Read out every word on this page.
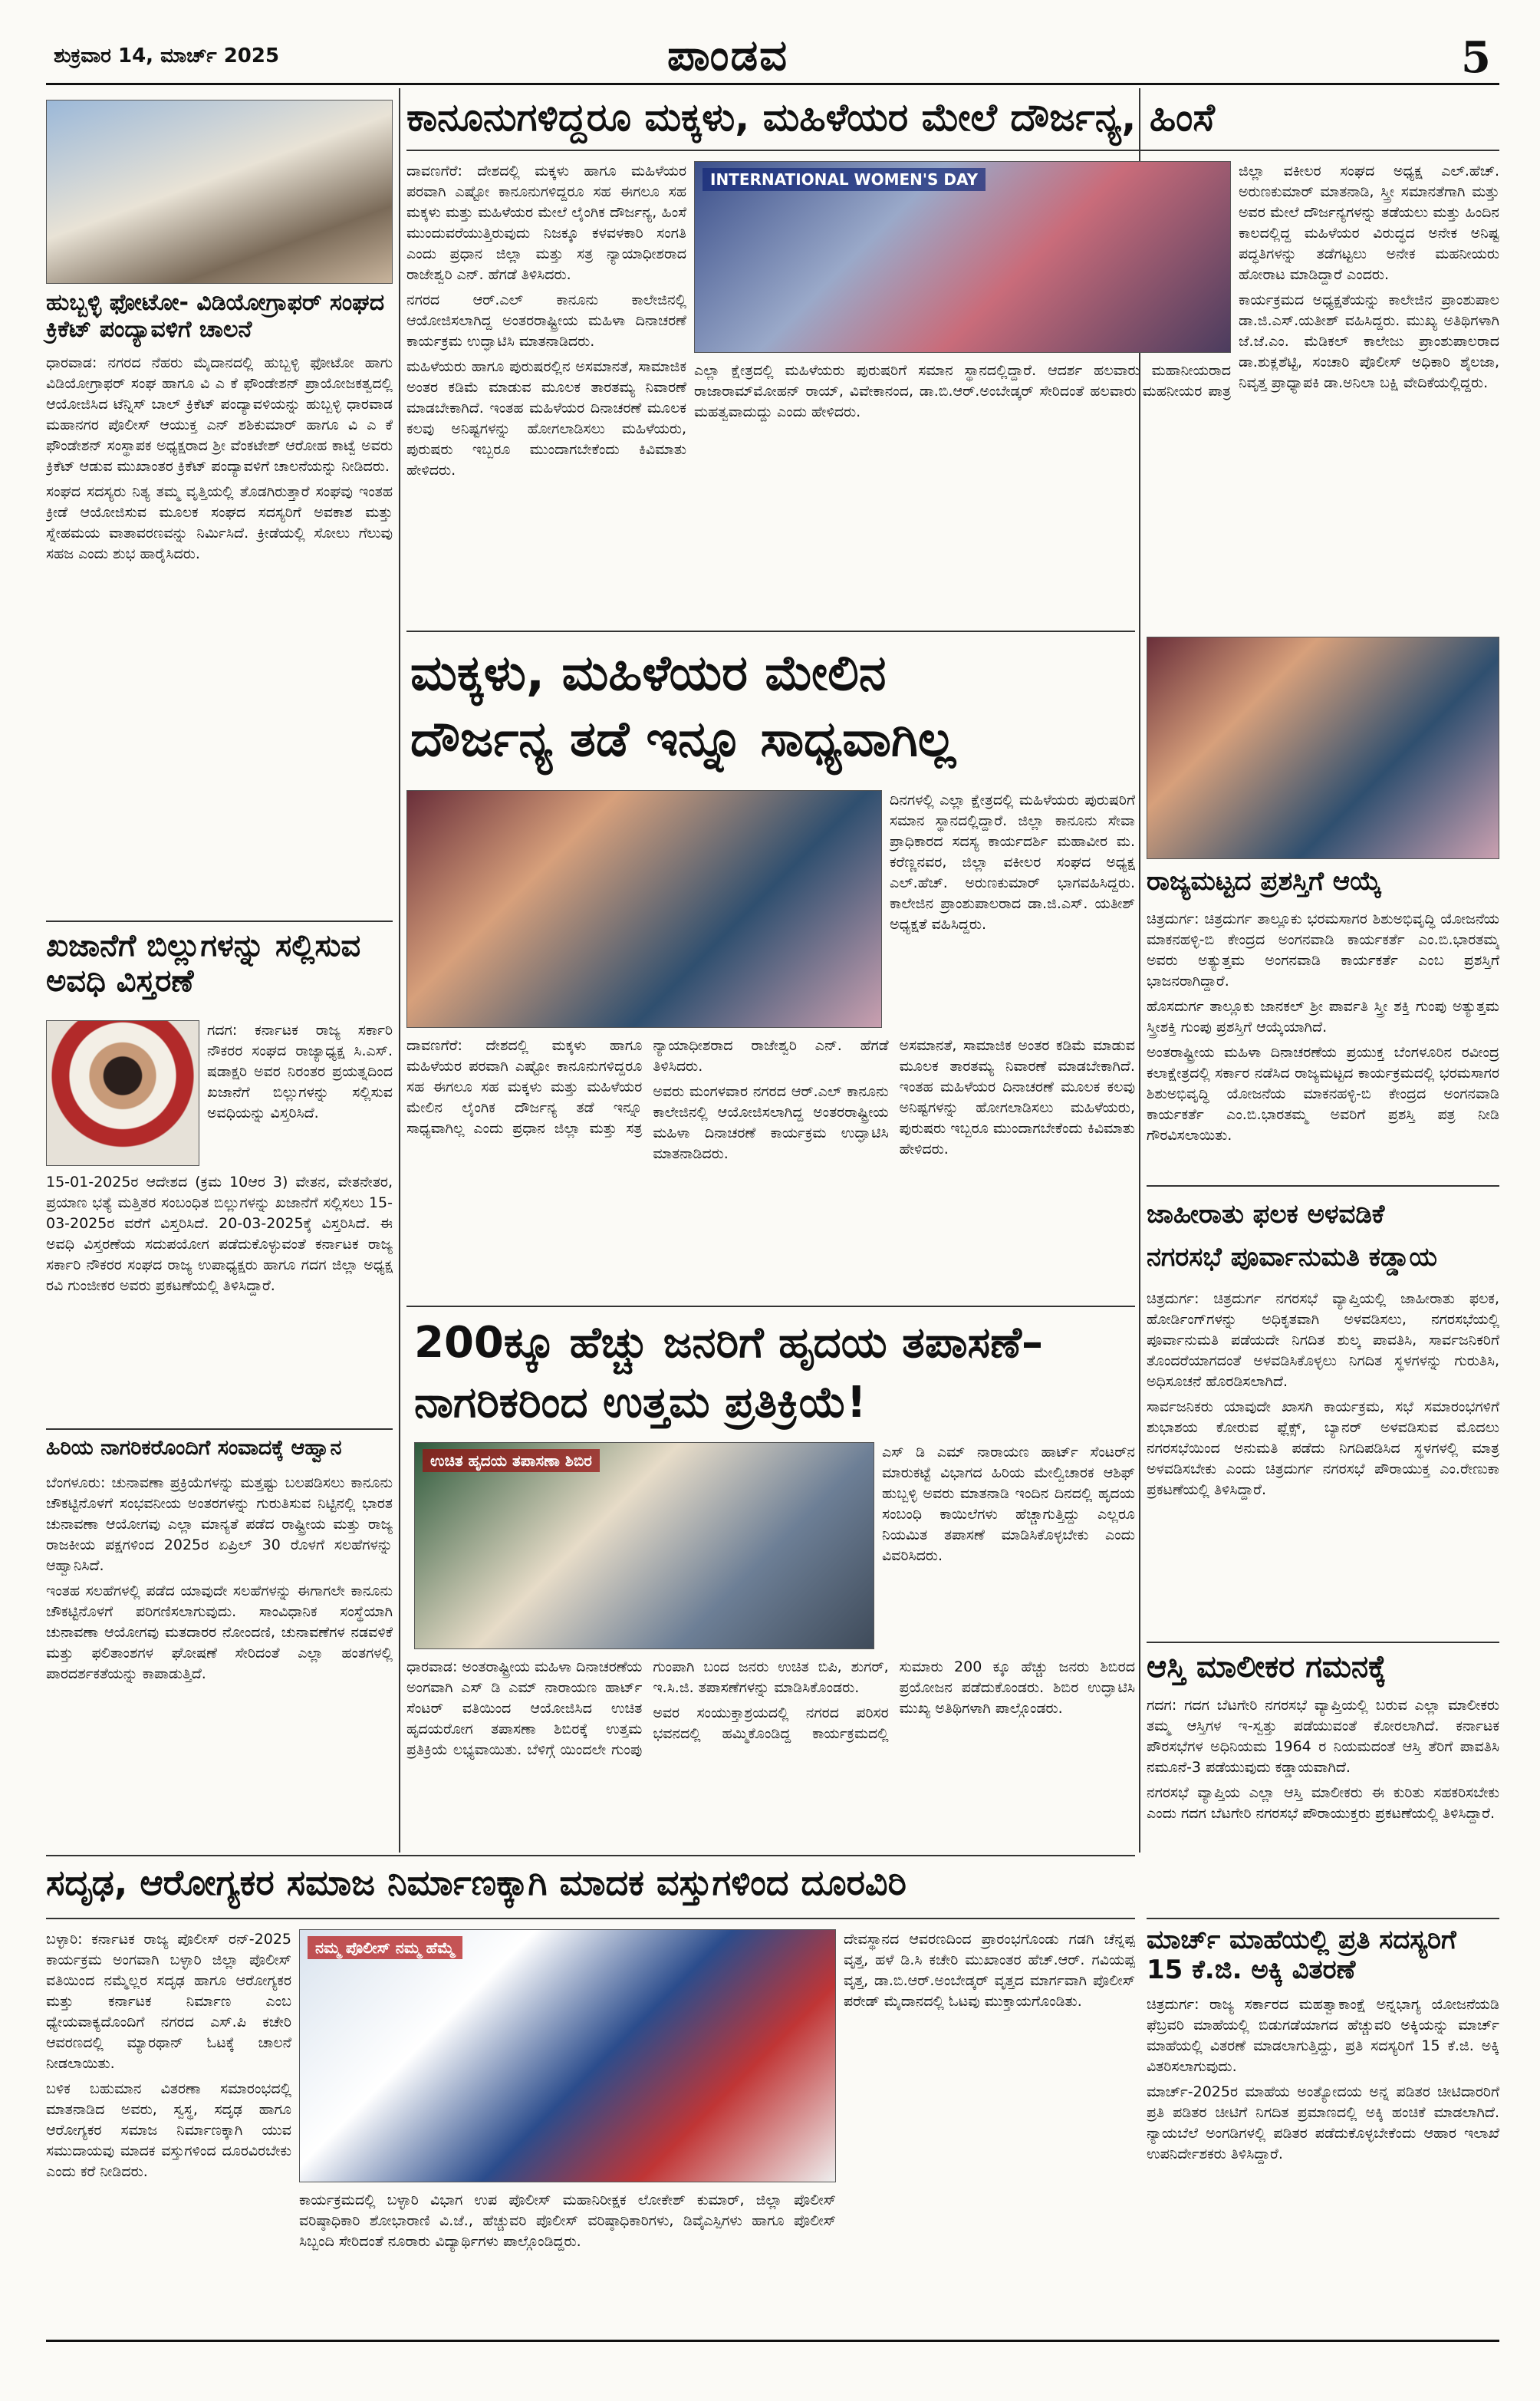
ಶುಕ್ರವಾರ 14, ಮಾರ್ಚ್ 2025	ಪಾಂಡವ	5
ಹುಬ್ಬಳ್ಳಿ ಫೋಟೋ- ವಿಡಿಯೋಗ್ರಾಫರ್ ಸಂಘದ ಕ್ರಿಕೆಟ್ ಪಂದ್ಯಾವಳಿಗೆ ಚಾಲನೆ

ಧಾರವಾಡ: ನಗರದ ನೆಹರು ಮೈದಾನದಲ್ಲಿ ಹುಬ್ಬಳ್ಳಿ ಫೋಟೋ ಹಾಗು ವಿಡಿಯೋಗ್ರಾಫರ್ ಸಂಘ ಹಾಗೂ ವಿ ಎ ಕೆ ಫೌಂಡೇಶನ್ ಪ್ರಾಯೋಜಕತ್ವದಲ್ಲಿ ಆಯೋಜಿಸಿದ ಟೆನ್ನಿಸ್ ಬಾಲ್ ಕ್ರಿಕೆಟ್ ಪಂದ್ಯಾವಳಿಯನ್ನು ಹುಬ್ಬಳ್ಳಿ ಧಾರವಾಡ ಮಹಾನಗರ ಪೊಲೀಸ್ ಆಯುಕ್ತ ಎನ್ ಶಶಿಕುಮಾರ್ ಹಾಗೂ ವಿ ಎ ಕೆ ಫೌಂಡೇಶನ್ ಸಂಸ್ಥಾಪಕ ಅಧ್ಯಕ್ಷರಾದ ಶ್ರೀ ವೆಂಕಟೇಶ್ ಆರೋಹ ಕಾಟ್ವೆ ಅವರು ಕ್ರಿಕೆಟ್ ಆಡುವ ಮುಖಾಂತರ ಕ್ರಿಕೆಟ್ ಪಂದ್ಯಾವಳಿಗೆ ಚಾಲನೆಯನ್ನು ನೀಡಿದರು.

ಸಂಘದ ಸದಸ್ಯರು ನಿತ್ಯ ತಮ್ಮ ವೃತ್ತಿಯಲ್ಲಿ ತೊಡಗಿರುತ್ತಾರೆ ಸಂಘವು ಇಂತಹ ಕ್ರೀಡೆ ಆಯೋಜಿಸುವ ಮೂಲಕ ಸಂಘದ ಸದಸ್ಯರಿಗೆ ಅವಕಾಶ ಮತ್ತು ಸ್ನೇಹಮಯ ವಾತಾವರಣವನ್ನು ನಿರ್ಮಿಸಿದೆ. ಕ್ರೀಡೆಯಲ್ಲಿ ಸೋಲು ಗೆಲುವು ಸಹಜ ಎಂದು ಶುಭ ಹಾರೈಸಿದರು.

ಖಜಾನೆಗೆ ಬಿಲ್ಲುಗಳನ್ನು ಸಲ್ಲಿಸುವ ಅವಧಿ ವಿಸ್ತರಣೆ

ಗದಗ: ಕರ್ನಾಟಕ ರಾಜ್ಯ ಸರ್ಕಾರಿ ನೌಕರರ ಸಂಘದ ರಾಜ್ಯಾಧ್ಯಕ್ಷ ಸಿ.ಎಸ್. ಷಡಾಕ್ಷರಿ ಅವರ ನಿರಂತರ ಪ್ರಯತ್ನದಿಂದ ಖಜಾನೆಗೆ ಬಿಲ್ಲುಗಳನ್ನು ಸಲ್ಲಿಸುವ ಅವಧಿಯನ್ನು ವಿಸ್ತರಿಸಿದೆ.

15-01-2025ರ ಆದೇಶದ (ಕ್ರಮ 10ಆರ 3) ವೇತನ, ವೇತನೇತರ, ಪ್ರಯಾಣ ಭತ್ಯೆ ಮತ್ತಿತರ ಸಂಬಂಧಿತ ಬಿಲ್ಲುಗಳನ್ನು ಖಜಾನೆಗೆ ಸಲ್ಲಿಸಲು 15-03-2025ರ ವರೆಗೆ ವಿಸ್ತರಿಸಿದೆ. 20-03-2025ಕ್ಕೆ ವಿಸ್ತರಿಸಿದೆ. ಈ ಅವಧಿ ವಿಸ್ತರಣೆಯ ಸದುಪಯೋಗ ಪಡೆದುಕೊಳ್ಳುವಂತೆ ಕರ್ನಾಟಕ ರಾಜ್ಯ ಸರ್ಕಾರಿ ನೌಕರರ ಸಂಘದ ರಾಜ್ಯ ಉಪಾಧ್ಯಕ್ಷರು ಹಾಗೂ ಗದಗ ಜಿಲ್ಲಾ ಅಧ್ಯಕ್ಷ ರವಿ ಗುಂಜೀಕರ ಅವರು ಪ್ರಕಟಣೆಯಲ್ಲಿ ತಿಳಿಸಿದ್ದಾರೆ.

ಹಿರಿಯ ನಾಗರಿಕರೊಂದಿಗೆ ಸಂವಾದಕ್ಕೆ ಆಹ್ವಾನ

ಬೆಂಗಳೂರು: ಚುನಾವಣಾ ಪ್ರಕ್ರಿಯೆಗಳನ್ನು ಮತ್ತಷ್ಟು ಬಲಪಡಿಸಲು ಕಾನೂನು ಚೌಕಟ್ಟಿನೊಳಗೆ ಸಂಭವನೀಯ ಅಂತರಗಳನ್ನು ಗುರುತಿಸುವ ನಿಟ್ಟಿನಲ್ಲಿ ಭಾರತ ಚುನಾವಣಾ ಆಯೋಗವು ಎಲ್ಲಾ ಮಾನ್ಯತೆ ಪಡೆದ ರಾಷ್ಟ್ರೀಯ ಮತ್ತು ರಾಜ್ಯ ರಾಜಕೀಯ ಪಕ್ಷಗಳಿಂದ 2025ರ ಏಪ್ರಿಲ್ 30 ರೊಳಗೆ ಸಲಹೆಗಳನ್ನು ಆಹ್ವಾನಿಸಿದೆ.

ಇಂತಹ ಸಲಹೆಗಳಲ್ಲಿ ಪಡೆದ ಯಾವುದೇ ಸಲಹೆಗಳನ್ನು ಈಗಾಗಲೇ ಕಾನೂನು ಚೌಕಟ್ಟಿನೊಳಗೆ ಪರಿಗಣಿಸಲಾಗುವುದು. ಸಾಂವಿಧಾನಿಕ ಸಂಸ್ಥೆಯಾಗಿ ಚುನಾವಣಾ ಆಯೋಗವು ಮತದಾರರ ನೋಂದಣಿ, ಚುನಾವಣೆಗಳ ನಡವಳಿಕೆ ಮತ್ತು ಫಲಿತಾಂಶಗಳ ಘೋಷಣೆ ಸೇರಿದಂತೆ ಎಲ್ಲಾ ಹಂತಗಳಲ್ಲಿ ಪಾರದರ್ಶಕತೆಯನ್ನು ಕಾಪಾಡುತ್ತಿದೆ.

ಕಾನೂನುಗಳಿದ್ದರೂ ಮಕ್ಕಳು, ಮಹಿಳೆಯರ ಮೇಲೆ ದೌರ್ಜನ್ಯ, ಹಿಂಸೆ

ದಾವಣಗೆರೆ: ದೇಶದಲ್ಲಿ ಮಕ್ಕಳು ಹಾಗೂ ಮಹಿಳೆಯರ ಪರವಾಗಿ ಎಷ್ಟೋ ಕಾನೂನುಗಳಿದ್ದರೂ ಸಹ ಈಗಲೂ ಸಹ ಮಕ್ಕಳು ಮತ್ತು ಮಹಿಳೆಯರ ಮೇಲೆ ಲೈಂಗಿಕ ದೌರ್ಜನ್ಯ, ಹಿಂಸೆ ಮುಂದುವರೆಯುತ್ತಿರುವುದು ನಿಜಕ್ಕೂ ಕಳವಳಕಾರಿ ಸಂಗತಿ ಎಂದು ಪ್ರಧಾನ ಜಿಲ್ಲಾ ಮತ್ತು ಸತ್ರ ನ್ಯಾಯಾಧೀಶರಾದ ರಾಜೇಶ್ವರಿ ಎನ್. ಹೆಗಡೆ ತಿಳಿಸಿದರು.

ನಗರದ ಆರ್.ಎಲ್ ಕಾನೂನು ಕಾಲೇಜಿನಲ್ಲಿ ಆಯೋಜಿಸಲಾಗಿದ್ದ ಅಂತರರಾಷ್ಟ್ರೀಯ ಮಹಿಳಾ ದಿನಾಚರಣೆ ಕಾರ್ಯಕ್ರಮ ಉದ್ಘಾಟಿಸಿ ಮಾತನಾಡಿದರು.

ಮಹಿಳೆಯರು ಹಾಗೂ ಪುರುಷರಲ್ಲಿನ ಅಸಮಾನತೆ, ಸಾಮಾಜಿಕ ಅಂತರ ಕಡಿಮೆ ಮಾಡುವ ಮೂಲಕ ತಾರತಮ್ಯ ನಿವಾರಣೆ ಮಾಡಬೇಕಾಗಿದೆ. ಇಂತಹ ಮಹಿಳೆಯರ ದಿನಾಚರಣೆ ಮೂಲಕ ಕಲವು ಅನಿಷ್ಟಗಳನ್ನು ಹೋಗಲಾಡಿಸಲು ಮಹಿಳೆಯರು, ಪುರುಷರು ಇಬ್ಬರೂ ಮುಂದಾಗಬೇಕೆಂದು ಕಿವಿಮಾತು ಹೇಳಿದರು.

INTERNATIONAL WOMEN'S DAY

ಎಲ್ಲಾ ಕ್ಷೇತ್ರದಲ್ಲಿ ಮಹಿಳೆಯರು ಪುರುಷರಿಗೆ ಸಮಾನ ಸ್ಥಾನದಲ್ಲಿದ್ದಾರೆ. ಆದರ್ಶ ಹಲವಾರು ಮಹಾನೀಯರಾದ ರಾಜಾರಾಮ್‌ಮೋಹನ್ ರಾಯ್, ವಿವೇಕಾನಂದ, ಡಾ.ಬಿ.ಆರ್.ಅಂಬೇಡ್ಕರ್ ಸೇರಿದಂತೆ ಹಲವಾರು ಮಹನೀಯರ ಪಾತ್ರ ಮಹತ್ವವಾದುದ್ದು ಎಂದು ಹೇಳಿದರು.

ಜಿಲ್ಲಾ ವಕೀಲರ ಸಂಘದ ಅಧ್ಯಕ್ಷ ಎಲ್.ಹೆಚ್. ಅರುಣಕುಮಾರ್ ಮಾತನಾಡಿ, ಸ್ತ್ರೀ ಸಮಾನತೆಗಾಗಿ ಮತ್ತು ಅವರ ಮೇಲೆ ದೌರ್ಜನ್ಯಗಳನ್ನು ತಡೆಯಲು ಮತ್ತು ಹಿಂದಿನ ಕಾಲದಲ್ಲಿದ್ದ ಮಹಿಳೆಯರ ವಿರುದ್ಧದ ಅನೇಕ ಅನಿಷ್ಟ ಪದ್ಧತಿಗಳನ್ನು ತಡೆಗಟ್ಟಲು ಅನೇಕ ಮಹನೀಯರು ಹೋರಾಟ ಮಾಡಿದ್ದಾರೆ ಎಂದರು.

ಕಾರ್ಯಕ್ರಮದ ಅಧ್ಯಕ್ಷತೆಯನ್ನು ಕಾಲೇಜಿನ ಪ್ರಾಂಶುಪಾಲ ಡಾ.ಜಿ.ಎಸ್.ಯತೀಶ್ ವಹಿಸಿದ್ದರು. ಮುಖ್ಯ ಅತಿಥಿಗಳಾಗಿ ಜೆ.ಜೆ.ಎಂ. ಮೆಡಿಕಲ್ ಕಾಲೇಜು ಪ್ರಾಂಶುಪಾಲರಾದ ಡಾ.ಶುಕ್ಲಶೆಟ್ಟಿ, ಸಂಚಾರಿ ಪೊಲೀಸ್ ಅಧಿಕಾರಿ ಶೈಲಜಾ, ನಿವೃತ್ತ ಪ್ರಾಧ್ಯಾಪಕಿ ಡಾ.ಅನಿಲಾ ಬಕ್ಷಿ ವೇದಿಕೆಯಲ್ಲಿದ್ದರು.

ಮಕ್ಕಳು, ಮಹಿಳೆಯರ ಮೇಲಿನ
ದೌರ್ಜನ್ಯ ತಡೆ ಇನ್ನೂ ಸಾಧ್ಯವಾಗಿಲ್ಲ

ದಿನಗಳಲ್ಲಿ ಎಲ್ಲಾ ಕ್ಷೇತ್ರದಲ್ಲಿ ಮಹಿಳೆಯರು ಪುರುಷರಿಗೆ ಸಮಾನ ಸ್ಥಾನದಲ್ಲಿದ್ದಾರೆ. ಜಿಲ್ಲಾ ಕಾನೂನು ಸೇವಾ ಪ್ರಾಧಿಕಾರದ ಸದಸ್ಯ ಕಾರ್ಯದರ್ಶಿ ಮಹಾವೀರ ಮ. ಕರೆಣ್ಣನವರ, ಜಿಲ್ಲಾ ವಕೀಲರ ಸಂಘದ ಅಧ್ಯಕ್ಷ ಎಲ್.ಹೆಚ್. ಅರುಣಕುಮಾರ್ ಭಾಗವಹಿಸಿದ್ದರು. ಕಾಲೇಜಿನ ಪ್ರಾಂಶುಪಾಲರಾದ ಡಾ.ಜಿ.ಎಸ್. ಯತೀಶ್ ಅಧ್ಯಕ್ಷತೆ ವಹಿಸಿದ್ದರು.

ದಾವಣಗೆರೆ: ದೇಶದಲ್ಲಿ ಮಕ್ಕಳು ಹಾಗೂ ಮಹಿಳೆಯರ ಪರವಾಗಿ ಎಷ್ಟೋ ಕಾನೂನುಗಳಿದ್ದರೂ ಸಹ ಈಗಲೂ ಸಹ ಮಕ್ಕಳು ಮತ್ತು ಮಹಿಳೆಯರ ಮೇಲಿನ ಲೈಂಗಿಕ ದೌರ್ಜನ್ಯ ತಡೆ ಇನ್ನೂ ಸಾಧ್ಯವಾಗಿಲ್ಲ ಎಂದು ಪ್ರಧಾನ ಜಿಲ್ಲಾ ಮತ್ತು ಸತ್ರ ನ್ಯಾಯಾಧೀಶರಾದ ರಾಜೇಶ್ವರಿ ಎನ್. ಹೆಗಡೆ ತಿಳಿಸಿದರು.

ಅವರು ಮಂಗಳವಾರ ನಗರದ ಆರ್.ಎಲ್ ಕಾನೂನು ಕಾಲೇಜಿನಲ್ಲಿ ಆಯೋಜಿಸಲಾಗಿದ್ದ ಅಂತರರಾಷ್ಟ್ರೀಯ ಮಹಿಳಾ ದಿನಾಚರಣೆ ಕಾರ್ಯಕ್ರಮ ಉದ್ಘಾಟಿಸಿ ಮಾತನಾಡಿದರು.

ಅಸಮಾನತೆ, ಸಾಮಾಜಿಕ ಅಂತರ ಕಡಿಮೆ ಮಾಡುವ ಮೂಲಕ ತಾರತಮ್ಯ ನಿವಾರಣೆ ಮಾಡಬೇಕಾಗಿದೆ. ಇಂತಹ ಮಹಿಳೆಯರ ದಿನಾಚರಣೆ ಮೂಲಕ ಕಲವು ಅನಿಷ್ಟಗಳನ್ನು ಹೋಗಲಾಡಿಸಲು ಮಹಿಳೆಯರು, ಪುರುಷರು ಇಬ್ಬರೂ ಮುಂದಾಗಬೇಕೆಂದು ಕಿವಿಮಾತು ಹೇಳಿದರು.

200ಕ್ಕೂ ಹೆಚ್ಚು ಜನರಿಗೆ ಹೃದಯ ತಪಾಸಣೆ–
ನಾಗರಿಕರಿಂದ ಉತ್ತಮ ಪ್ರತಿಕ್ರಿಯೆ!
ಉಚಿತ ಹೃದಯ ತಪಾಸಣಾ ಶಿಬಿರ	ಎಸ್ ಡಿ ಎಮ್ ನಾರಾಯಣ ಹಾರ್ಟ್ ಸೆಂಟರ್‌ನ ಮಾರುಕಟ್ಟೆ ವಿಭಾಗದ ಹಿರಿಯ ಮೇಲ್ವಿಚಾರಕ ಆಶಿಫ್ ಹುಬ್ಬಳ್ಳಿ ಅವರು ಮಾತನಾಡಿ ಇಂದಿನ ದಿನದಲ್ಲಿ ಹೃದಯ ಸಂಬಂಧಿ ಕಾಯಿಲೆಗಳು ಹೆಚ್ಚಾಗುತ್ತಿದ್ದು ಎಲ್ಲರೂ ನಿಯಮಿತ ತಪಾಸಣೆ ಮಾಡಿಸಿಕೊಳ್ಳಬೇಕು ಎಂದು ವಿವರಿಸಿದರು.

ಧಾರವಾಡ: ಅಂತರಾಷ್ಟ್ರೀಯ ಮಹಿಳಾ ದಿನಾಚರಣೆಯ ಅಂಗವಾಗಿ ಎಸ್ ಡಿ ಎಮ್ ನಾರಾಯಣ ಹಾರ್ಟ್ ಸೆಂಟರ್ ವತಿಯಿಂದ ಆಯೋಜಿಸಿದ ಉಚಿತ ಹೃದಯರೋಗ ತಪಾಸಣಾ ಶಿಬಿರಕ್ಕೆ ಉತ್ತಮ ಪ್ರತಿಕ್ರಿಯೆ ಲಭ್ಯವಾಯಿತು. ಬೆಳಿಗ್ಗೆ ಯಿಂದಲೇ ಗುಂಪು ಗುಂಪಾಗಿ ಬಂದ ಜನರು ಉಚಿತ ಬಿಪಿ, ಶುಗರ್, ಇ.ಸಿ.ಜಿ. ತಪಾಸಣೆಗಳನ್ನು ಮಾಡಿಸಿಕೊಂಡರು.

ಅವರ ಸಂಯುಕ್ತಾಶ್ರಯದಲ್ಲಿ ನಗರದ ಪರಿಸರ ಭವನದಲ್ಲಿ ಹಮ್ಮಿಕೊಂಡಿದ್ದ ಕಾರ್ಯಕ್ರಮದಲ್ಲಿ ಸುಮಾರು 200 ಕ್ಕೂ ಹೆಚ್ಚು ಜನರು ಶಿಬಿರದ ಪ್ರಯೋಜನ ಪಡೆದುಕೊಂಡರು. ಶಿಬಿರ ಉದ್ಘಾಟಿಸಿ ಮುಖ್ಯ ಅತಿಥಿಗಳಾಗಿ ಪಾಲ್ಗೊಂಡರು.

ರಾಜ್ಯಮಟ್ಟದ ಪ್ರಶಸ್ತಿಗೆ ಆಯ್ಕೆ

ಚಿತ್ರದುರ್ಗ: ಚಿತ್ರದುರ್ಗ ತಾಲ್ಲೂಕು ಭರಮಸಾಗರ ಶಿಶುಅಭಿವೃದ್ಧಿ ಯೋಜನೆಯ ಮಾಕನಹಳ್ಳಿ-ಬಿ ಕೇಂದ್ರದ ಅಂಗನವಾಡಿ ಕಾರ್ಯಕರ್ತೆ ಎಂ.ಬಿ.ಭಾರತಮ್ಮ ಅವರು ಅತ್ಯುತ್ತಮ ಅಂಗನವಾಡಿ ಕಾರ್ಯಕರ್ತೆ ಎಂಬ ಪ್ರಶಸ್ತಿಗೆ ಭಾಜನರಾಗಿದ್ದಾರೆ.

ಹೊಸದುರ್ಗ ತಾಲ್ಲೂಕು ಜಾನಕಲ್ ಶ್ರೀ ಪಾರ್ವತಿ ಸ್ತ್ರೀ ಶಕ್ತಿ ಗುಂಪು ಅತ್ಯುತ್ತಮ ಸ್ತ್ರೀಶಕ್ತಿ ಗುಂಪು ಪ್ರಶಸ್ತಿಗೆ ಆಯ್ಕೆಯಾಗಿದೆ.

ಅಂತರಾಷ್ಟ್ರೀಯ ಮಹಿಳಾ ದಿನಾಚರಣೆಯ ಪ್ರಯುಕ್ತ ಬೆಂಗಳೂರಿನ ರವೀಂದ್ರ ಕಲಾಕ್ಷೇತ್ರದಲ್ಲಿ ಸರ್ಕಾರ ನಡೆಸಿದ ರಾಜ್ಯಮಟ್ಟದ ಕಾರ್ಯಕ್ರಮದಲ್ಲಿ ಭರಮಸಾಗರ ಶಿಶುಅಭಿವೃದ್ಧಿ ಯೋಜನೆಯ ಮಾಕನಹಳ್ಳಿ-ಬಿ ಕೇಂದ್ರದ ಅಂಗನವಾಡಿ ಕಾರ್ಯಕರ್ತೆ ಎಂ.ಬಿ.ಭಾರತಮ್ಮ ಅವರಿಗೆ ಪ್ರಶಸ್ತಿ ಪತ್ರ ನೀಡಿ ಗೌರವಿಸಲಾಯಿತು.

ಜಾಹೀರಾತು ಫಲಕ ಅಳವಡಿಕೆ
ನಗರಸಭೆ ಪೂರ್ವಾನುಮತಿ ಕಡ್ಡಾಯ

ಚಿತ್ರದುರ್ಗ: ಚಿತ್ರದುರ್ಗ ನಗರಸಭೆ ವ್ಯಾಪ್ತಿಯಲ್ಲಿ ಜಾಹೀರಾತು ಫಲಕ, ಹೋರ್ಡಿಂಗ್‌ಗಳನ್ನು ಅಧಿಕೃತವಾಗಿ ಅಳವಡಿಸಲು, ನಗರಸಭೆಯಲ್ಲಿ ಪೂರ್ವಾನುಮತಿ ಪಡೆಯದೇ ನಿಗದಿತ ಶುಲ್ಕ ಪಾವತಿಸಿ, ಸಾರ್ವಜನಿಕರಿಗೆ ತೊಂದರೆಯಾಗದಂತೆ ಅಳವಡಿಸಿಕೊಳ್ಳಲು ನಿಗದಿತ ಸ್ಥಳಗಳನ್ನು ಗುರುತಿಸಿ, ಅಧಿಸೂಚನೆ ಹೊರಡಿಸಲಾಗಿದೆ.

ಸಾರ್ವಜನಿಕರು ಯಾವುದೇ ಖಾಸಗಿ ಕಾರ್ಯಕ್ರಮ, ಸಭೆ ಸಮಾರಂಭಗಳಿಗೆ ಶುಭಾಶಯ ಕೋರುವ ಫ್ಲೆಕ್ಸ್, ಬ್ಯಾನರ್ ಅಳವಡಿಸುವ ಮೊದಲು ನಗರಸಭೆಯಿಂದ ಅನುಮತಿ ಪಡೆದು ನಿಗದಿಪಡಿಸಿದ ಸ್ಥಳಗಳಲ್ಲಿ ಮಾತ್ರ ಅಳವಡಿಸಬೇಕು ಎಂದು ಚಿತ್ರದುರ್ಗ ನಗರಸಭೆ ಪೌರಾಯುಕ್ತ ಎಂ.ರೇಣುಕಾ ಪ್ರಕಟಣೆಯಲ್ಲಿ ತಿಳಿಸಿದ್ದಾರೆ.

ಆಸ್ತಿ ಮಾಲೀಕರ ಗಮನಕ್ಕೆ

ಗದಗ: ಗದಗ ಬೆಟಗೇರಿ ನಗರಸಭೆ ವ್ಯಾಪ್ತಿಯಲ್ಲಿ ಬರುವ ಎಲ್ಲಾ ಮಾಲೀಕರು ತಮ್ಮ ಆಸ್ತಿಗಳ ಇ-ಸ್ವತ್ತು ಪಡೆಯುವಂತೆ ಕೋರಲಾಗಿದೆ. ಕರ್ನಾಟಕ ಪೌರಸಭೆಗಳ ಅಧಿನಿಯಮ 1964 ರ ನಿಯಮದಂತೆ ಆಸ್ತಿ ತೆರಿಗೆ ಪಾವತಿಸಿ ನಮೂನೆ-3 ಪಡೆಯುವುದು ಕಡ್ಡಾಯವಾಗಿದೆ.

ನಗರಸಭೆ ವ್ಯಾಪ್ತಿಯ ಎಲ್ಲಾ ಆಸ್ತಿ ಮಾಲೀಕರು ಈ ಕುರಿತು ಸಹಕರಿಸಬೇಕು ಎಂದು ಗದಗ ಬೆಟಗೇರಿ ನಗರಸಭೆ ಪೌರಾಯುಕ್ತರು ಪ್ರಕಟಣೆಯಲ್ಲಿ ತಿಳಿಸಿದ್ದಾರೆ.

ಸದೃಢ, ಆರೋಗ್ಯಕರ ಸಮಾಜ ನಿರ್ಮಾಣಕ್ಕಾಗಿ ಮಾದಕ ವಸ್ತುಗಳಿಂದ ದೂರವಿರಿ

ಬಳ್ಳಾರಿ: ಕರ್ನಾಟಕ ರಾಜ್ಯ ಪೊಲೀಸ್ ರನ್-2025 ಕಾರ್ಯಕ್ರಮ ಅಂಗವಾಗಿ ಬಳ್ಳಾರಿ ಜಿಲ್ಲಾ ಪೊಲೀಸ್ ವತಿಯಿಂದ ನಮ್ಮೆಲ್ಲರ ಸದೃಢ ಹಾಗೂ ಆರೋಗ್ಯಕರ ಮತ್ತು ಕರ್ನಾಟಕ ನಿರ್ಮಾಣ ಎಂಬ ಧ್ಯೇಯವಾಕ್ಯದೊಂದಿಗೆ ನಗರದ ಎಸ್.ಪಿ ಕಚೇರಿ ಆವರಣದಲ್ಲಿ ಮ್ಯಾರಥಾನ್ ಓಟಕ್ಕೆ ಚಾಲನೆ ನೀಡಲಾಯಿತು.

ಬಳಿಕ ಬಹುಮಾನ ವಿತರಣಾ ಸಮಾರಂಭದಲ್ಲಿ ಮಾತನಾಡಿದ ಅವರು, ಸ್ವಸ್ಥ, ಸದೃಢ ಹಾಗೂ ಆರೋಗ್ಯಕರ ಸಮಾಜ ನಿರ್ಮಾಣಕ್ಕಾಗಿ ಯುವ ಸಮುದಾಯವು ಮಾದಕ ವಸ್ತುಗಳಿಂದ ದೂರವಿರಬೇಕು ಎಂದು ಕರೆ ನೀಡಿದರು.

ನಮ್ಮ ಪೊಲೀಸ್ ನಮ್ಮ ಹೆಮ್ಮೆ

ಕಾರ್ಯಕ್ರಮದಲ್ಲಿ ಬಳ್ಳಾರಿ ವಿಭಾಗ ಉಪ ಪೊಲೀಸ್ ಮಹಾನಿರೀಕ್ಷಕ ಲೋಕೇಶ್ ಕುಮಾರ್, ಜಿಲ್ಲಾ ಪೊಲೀಸ್ ವರಿಷ್ಠಾಧಿಕಾರಿ ಶೋಭಾರಾಣಿ ವಿ.ಜೆ., ಹೆಚ್ಚುವರಿ ಪೊಲೀಸ್ ವರಿಷ್ಠಾಧಿಕಾರಿಗಳು, ಡಿವೈಎಸ್ಪಿಗಳು ಹಾಗೂ ಪೊಲೀಸ್ ಸಿಬ್ಬಂದಿ ಸೇರಿದಂತೆ ನೂರಾರು ವಿದ್ಯಾರ್ಥಿಗಳು ಪಾಲ್ಗೊಂಡಿದ್ದರು.

ದೇವಸ್ಥಾನದ ಆವರಣದಿಂದ ಪ್ರಾರಂಭಗೊಂಡು ಗಡಗಿ ಚೆನ್ನಪ್ಪ ವೃತ್ತ, ಹಳೆ ಡಿ.ಸಿ ಕಚೇರಿ ಮುಖಾಂತರ ಹೆಚ್.ಆರ್. ಗವಿಯಪ್ಪ ವೃತ್ತ, ಡಾ.ಬಿ.ಆರ್.ಅಂಬೇಡ್ಕರ್ ವೃತ್ತದ ಮಾರ್ಗವಾಗಿ ಪೊಲೀಸ್ ಪರೇಡ್ ಮೈದಾನದಲ್ಲಿ ಓಟವು ಮುಕ್ತಾಯಗೊಂಡಿತು.

ಮಾರ್ಚ್ ಮಾಹೆಯಲ್ಲಿ ಪ್ರತಿ ಸದಸ್ಯರಿಗೆ 15 ಕೆ.ಜಿ. ಅಕ್ಕಿ ವಿತರಣೆ

ಚಿತ್ರದುರ್ಗ: ರಾಜ್ಯ ಸರ್ಕಾರದ ಮಹತ್ವಾಕಾಂಕ್ಷೆ ಅನ್ನಭಾಗ್ಯ ಯೋಜನೆಯಡಿ ಫೆಬ್ರವರಿ ಮಾಹೆಯಲ್ಲಿ ಬಿಡುಗಡೆಯಾಗದ ಹೆಚ್ಚುವರಿ ಅಕ್ಕಿಯನ್ನು ಮಾರ್ಚ್ ಮಾಹೆಯಲ್ಲಿ ವಿತರಣೆ ಮಾಡಲಾಗುತ್ತಿದ್ದು, ಪ್ರತಿ ಸದಸ್ಯರಿಗೆ 15 ಕೆ.ಜಿ. ಅಕ್ಕಿ ವಿತರಿಸಲಾಗುವುದು.

ಮಾರ್ಚ್-2025ರ ಮಾಹೆಯ ಅಂತ್ಯೋದಯ ಅನ್ನ ಪಡಿತರ ಚೀಟಿದಾರರಿಗೆ ಪ್ರತಿ ಪಡಿತರ ಚೀಟಿಗೆ ನಿಗದಿತ ಪ್ರಮಾಣದಲ್ಲಿ ಅಕ್ಕಿ ಹಂಚಿಕೆ ಮಾಡಲಾಗಿದೆ. ನ್ಯಾಯಬೆಲೆ ಅಂಗಡಿಗಳಲ್ಲಿ ಪಡಿತರ ಪಡೆದುಕೊಳ್ಳಬೇಕೆಂದು ಆಹಾರ ಇಲಾಖೆ ಉಪನಿರ್ದೇಶಕರು ತಿಳಿಸಿದ್ದಾರೆ.
